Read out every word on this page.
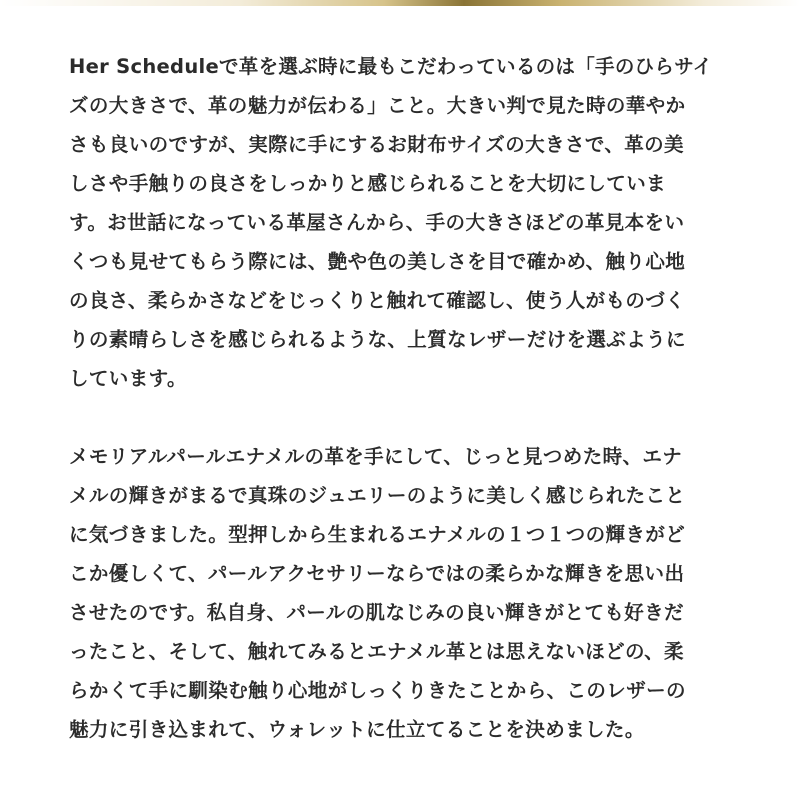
Her Scheduleで革を選ぶ時に最もこだわっているのは「手のひらサイ
ズの大きさで、革の魅力が伝わる」こと。大きい判で見た時の華やか
さも良いのですが、実際に手にするお財布サイズの大きさで、革の美
しさや手触りの良さをしっかりと感じられることを大切にしていま
す。お世話になっている革屋さんから、手の大きさほどの革見本をい
くつも見せてもらう際には、艶や色の美しさを目で確かめ、触り心地
の良さ、柔らかさなどをじっくりと触れて確認し、使う人がものづく
りの素晴らしさを感じられるような、上質なレザーだけを選ぶように
しています。
メモリアルパールエナメルの革を手にして、じっと見つめた時、エナ
メルの輝きがまるで真珠のジュエリーのように美しく感じられたこと
に気づきました。型押しから生まれるエナメルの１つ１つの輝きがど
こか優しくて、パールアクセサリーならではの柔らかな輝きを思い出
させたのです。私自身、パールの肌なじみの良い輝きがとても好きだ
ったこと、そして、触れてみるとエナメル革とは思えないほどの、柔
らかくて手に馴染む触り心地がしっくりきたことから、このレザーの
魅力に引き込まれて、ウォレットに仕立てることを決めました。
